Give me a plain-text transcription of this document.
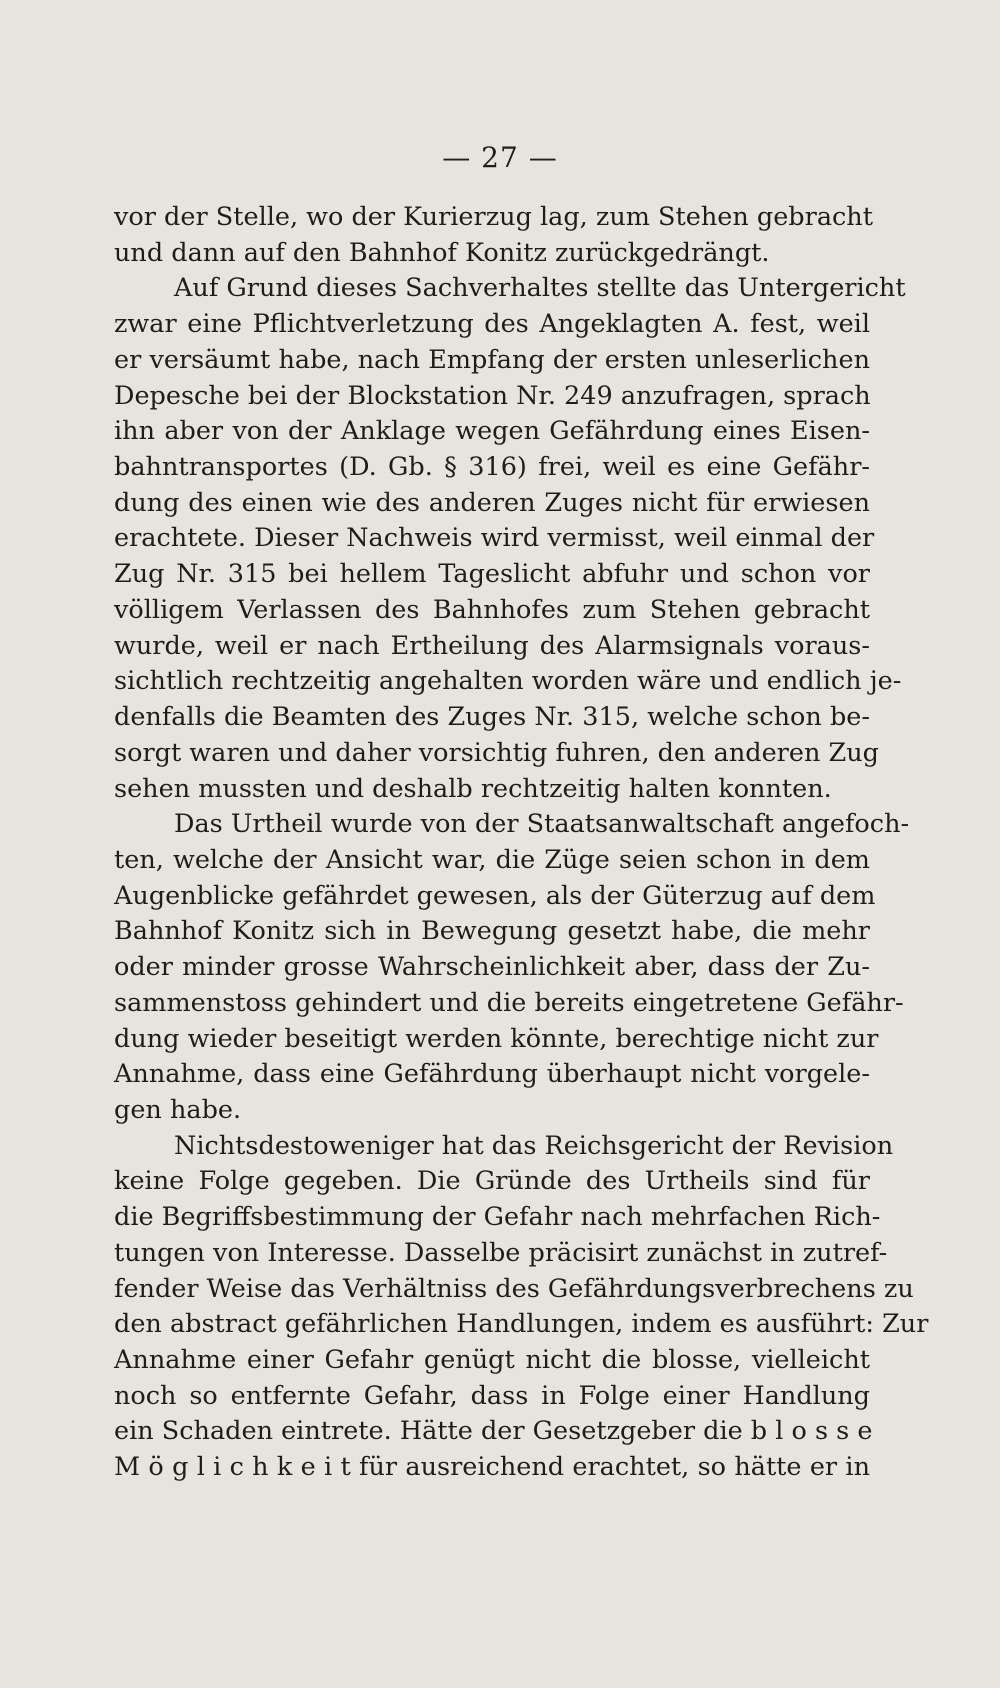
— 27 —
vor der Stelle, wo der Kurierzug lag, zum Stehen gebracht
und dann auf den Bahnhof Konitz zurückgedrängt.
Auf Grund dieses Sachverhaltes stellte das Untergericht
zwar eine Pflichtverletzung des Angeklagten A. fest, weil
er versäumt habe, nach Empfang der ersten unleserlichen
Depesche bei der Blockstation Nr. 249 anzufragen, sprach
ihn aber von der Anklage wegen Gefährdung eines Eisen-
bahntransportes (D. Gb. § 316) frei, weil es eine Gefähr-
dung des einen wie des anderen Zuges nicht für erwiesen
erachtete. Dieser Nachweis wird vermisst, weil einmal der
Zug Nr. 315 bei hellem Tageslicht abfuhr und schon vor
völligem Verlassen des Bahnhofes zum Stehen gebracht
wurde, weil er nach Ertheilung des Alarmsignals voraus-
sichtlich rechtzeitig angehalten worden wäre und endlich je-
denfalls die Beamten des Zuges Nr. 315, welche schon be-
sorgt waren und daher vorsichtig fuhren, den anderen Zug
sehen mussten und deshalb rechtzeitig halten konnten.
Das Urtheil wurde von der Staatsanwaltschaft angefoch-
ten, welche der Ansicht war, die Züge seien schon in dem
Augenblicke gefährdet gewesen, als der Güterzug auf dem
Bahnhof Konitz sich in Bewegung gesetzt habe, die mehr
oder minder grosse Wahrscheinlichkeit aber, dass der Zu-
sammenstoss gehindert und die bereits eingetretene Gefähr-
dung wieder beseitigt werden könnte, berechtige nicht zur
Annahme, dass eine Gefährdung überhaupt nicht vorgele-
gen habe.
Nichtsdestoweniger hat das Reichsgericht der Revision
keine Folge gegeben. Die Gründe des Urtheils sind für
die Begriffsbestimmung der Gefahr nach mehrfachen Rich-
tungen von Interesse. Dasselbe präcisirt zunächst in zutref-
fender Weise das Verhältniss des Gefährdungsverbrechens zu
den abstract gefährlichen Handlungen, indem es ausführt: Zur
Annahme einer Gefahr genügt nicht die blosse, vielleicht
noch so entfernte Gefahr, dass in Folge einer Handlung
ein Schaden eintrete. Hätte der Gesetzgeber die b l o s s e
M ö g l i c h k e i t für ausreichend erachtet, so hätte er in
